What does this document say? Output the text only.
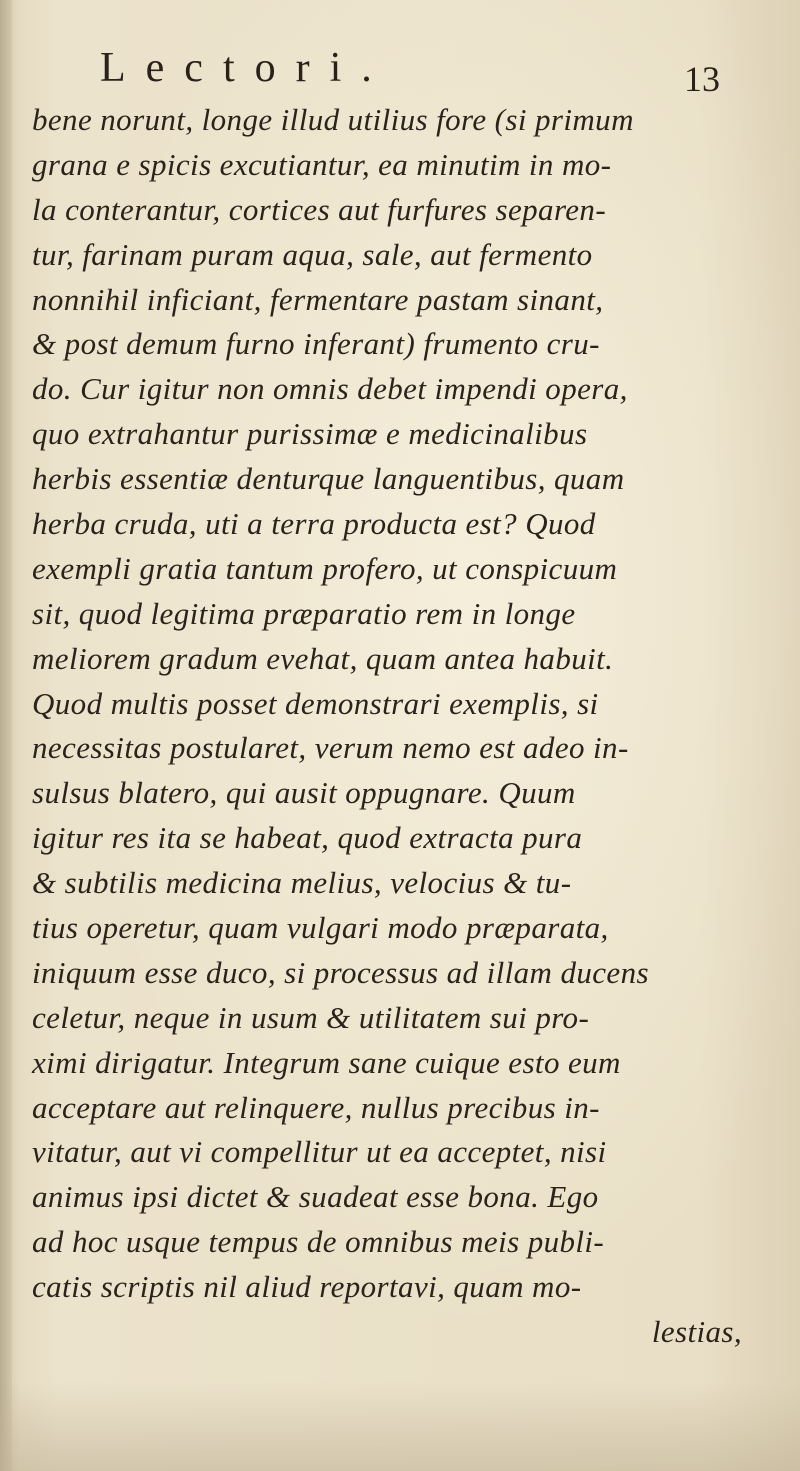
Lectori.	13
bene norunt, longe illud utilius fore (si primum
grana e spicis excutiantur, ea minutim in mo-
la conterantur, cortices aut furfures separen-
tur, farinam puram aqua, sale, aut fermento
nonnihil inficiant, fermentare pastam sinant,
& post demum furno inferant) frumento cru-
do. Cur igitur non omnis debet impendi opera,
quo extrahantur purissimæ e medicinalibus
herbis essentiæ denturque languentibus, quam
herba cruda, uti a terra producta est? Quod
exempli gratia tantum profero, ut conspicuum
sit, quod legitima præparatio rem in longe
meliorem gradum evehat, quam antea habuit.
Quod multis posset demonstrari exemplis, si
necessitas postularet, verum nemo est adeo in-
sulsus blatero, qui ausit oppugnare. Quum
igitur res ita se habeat, quod extracta pura
& subtilis medicina melius, velocius & tu-
tius operetur, quam vulgari modo præparata,
iniquum esse duco, si processus ad illam ducens
celetur, neque in usum & utilitatem sui pro-
ximi dirigatur. Integrum sane cuique esto eum
acceptare aut relinquere, nullus precibus in-
vitatur, aut vi compellitur ut ea acceptet, nisi
animus ipsi dictet & suadeat esse bona. Ego
ad hoc usque tempus de omnibus meis publi-
catis scriptis nil aliud reportavi, quam mo-
lestias,
